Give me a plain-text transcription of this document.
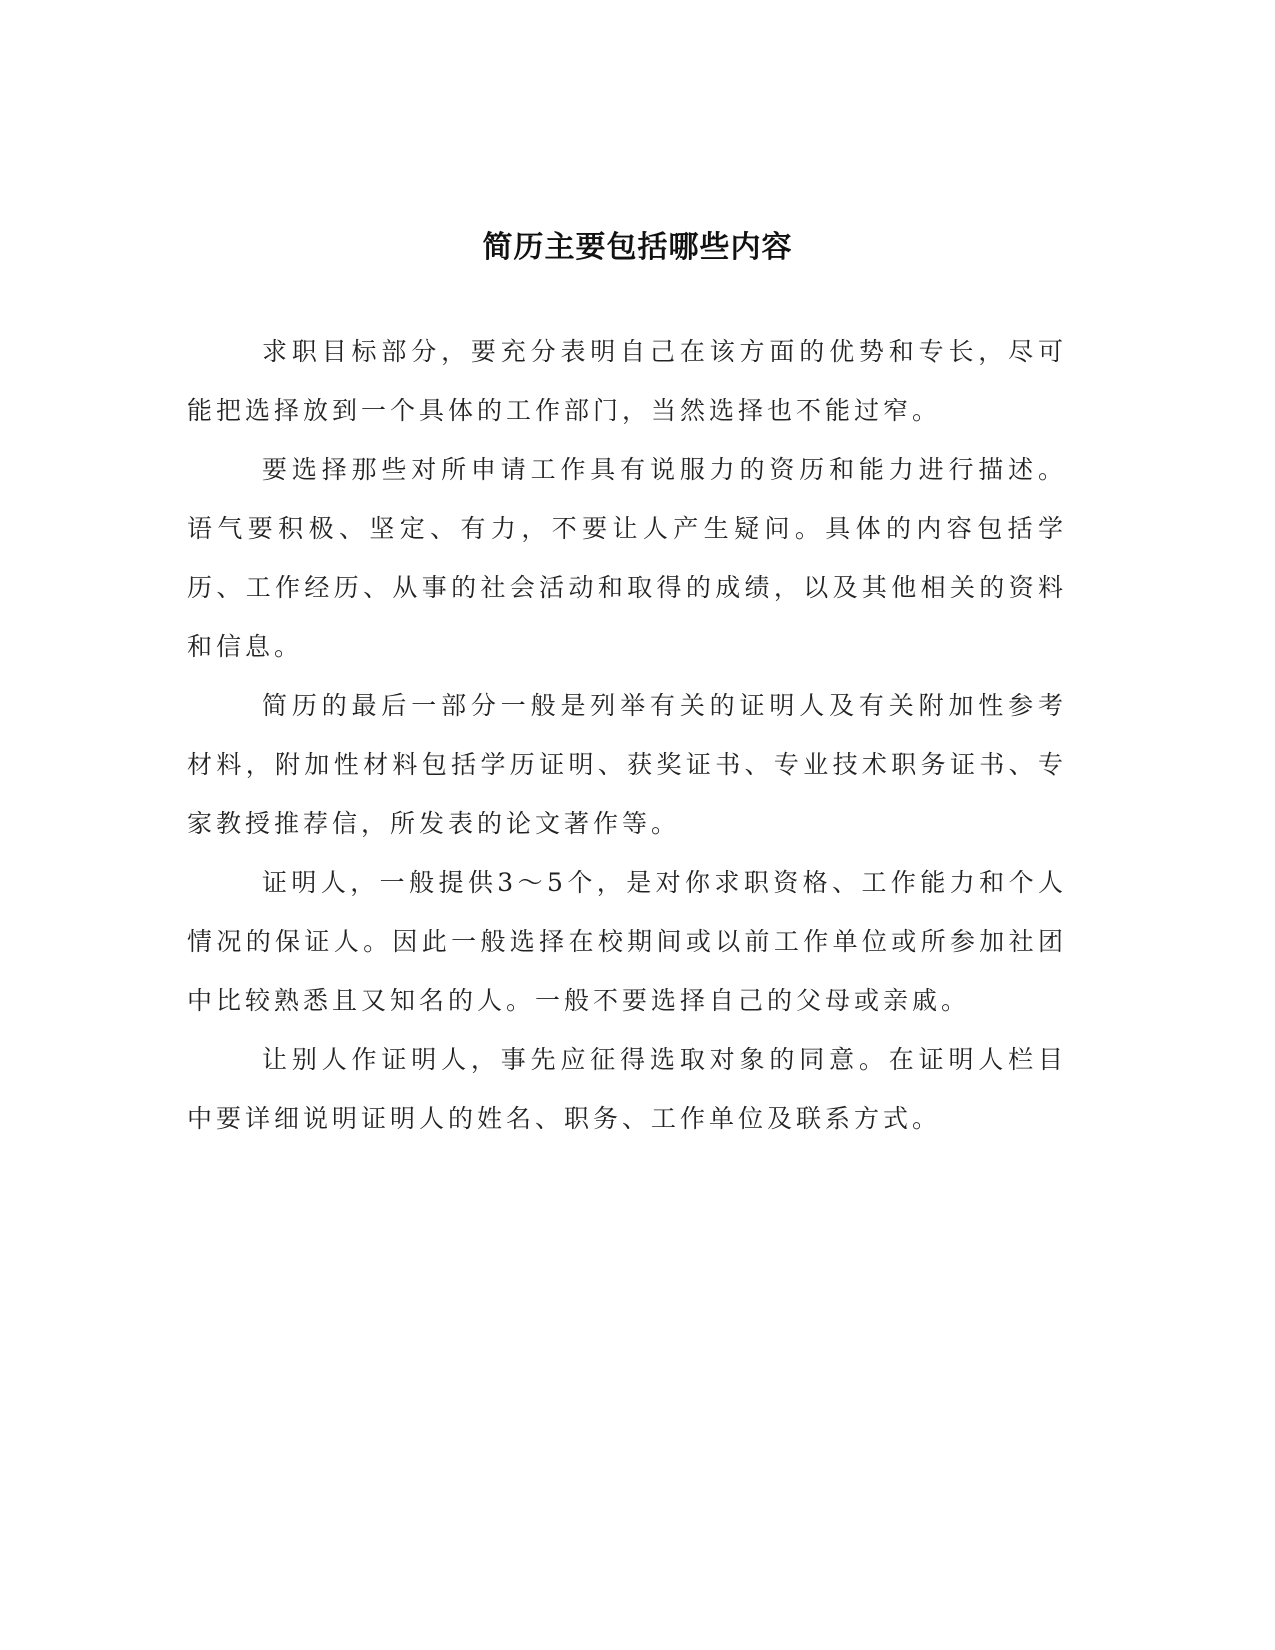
简历主要包括哪些内容

求职目标部分，要充分表明自己在该方面的优势和专长，尽可能把选择放到一个具体的工作部门，当然选择也不能过窄。

要选择那些对所申请工作具有说服力的资历和能力进行描述。语气要积极、坚定、有力，不要让人产生疑问。具体的内容包括学历、工作经历、从事的社会活动和取得的成绩，以及其他相关的资料和信息。

简历的最后一部分一般是列举有关的证明人及有关附加性参考材料，附加性材料包括学历证明、获奖证书、专业技术职务证书、专家教授推荐信，所发表的论文著作等。

证明人，一般提供3～5个，是对你求职资格、工作能力和个人情况的保证人。因此一般选择在校期间或以前工作单位或所参加社团中比较熟悉且又知名的人。一般不要选择自己的父母或亲戚。

让别人作证明人，事先应征得选取对象的同意。在证明人栏目中要详细说明证明人的姓名、职务、工作单位及联系方式。
